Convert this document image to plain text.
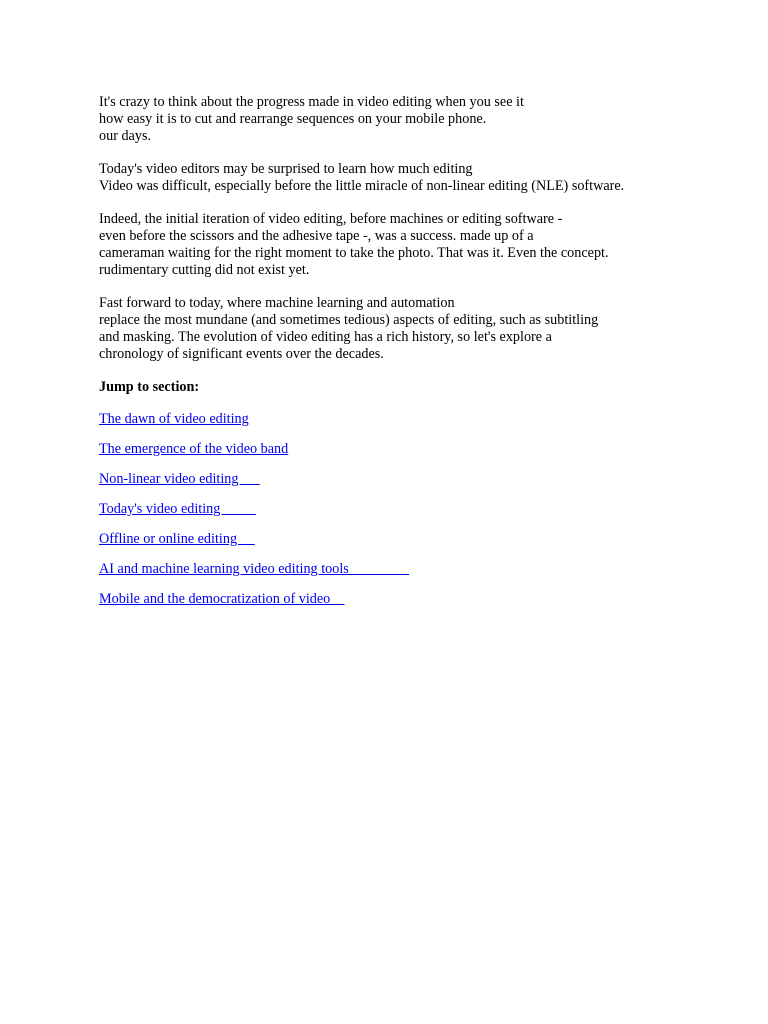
It's crazy to think about the progress made in video editing when you see it
how easy it is to cut and rearrange sequences on your mobile phone.
our days.
Today's video editors may be surprised to learn how much editing
Video was difficult, especially before the little miracle of non-linear editing (NLE) software.
Indeed, the initial iteration of video editing, before machines or editing software -
even before the scissors and the adhesive tape -, was a success. made up of a
cameraman waiting for the right moment to take the photo. That was it. Even the concept.
rudimentary cutting did not exist yet.
Fast forward to today, where machine learning and automation
replace the most mundane (and sometimes tedious) aspects of editing, such as subtitling
and masking. The evolution of video editing has a rich history, so let's explore a
chronology of significant events over the decades.
Jump to section:
The dawn of video editing
The emergence of the video band
Non-linear video editing
Today's video editing
Offline or online editing
AI and machine learning video editing tools
Mobile and the democratization of video
